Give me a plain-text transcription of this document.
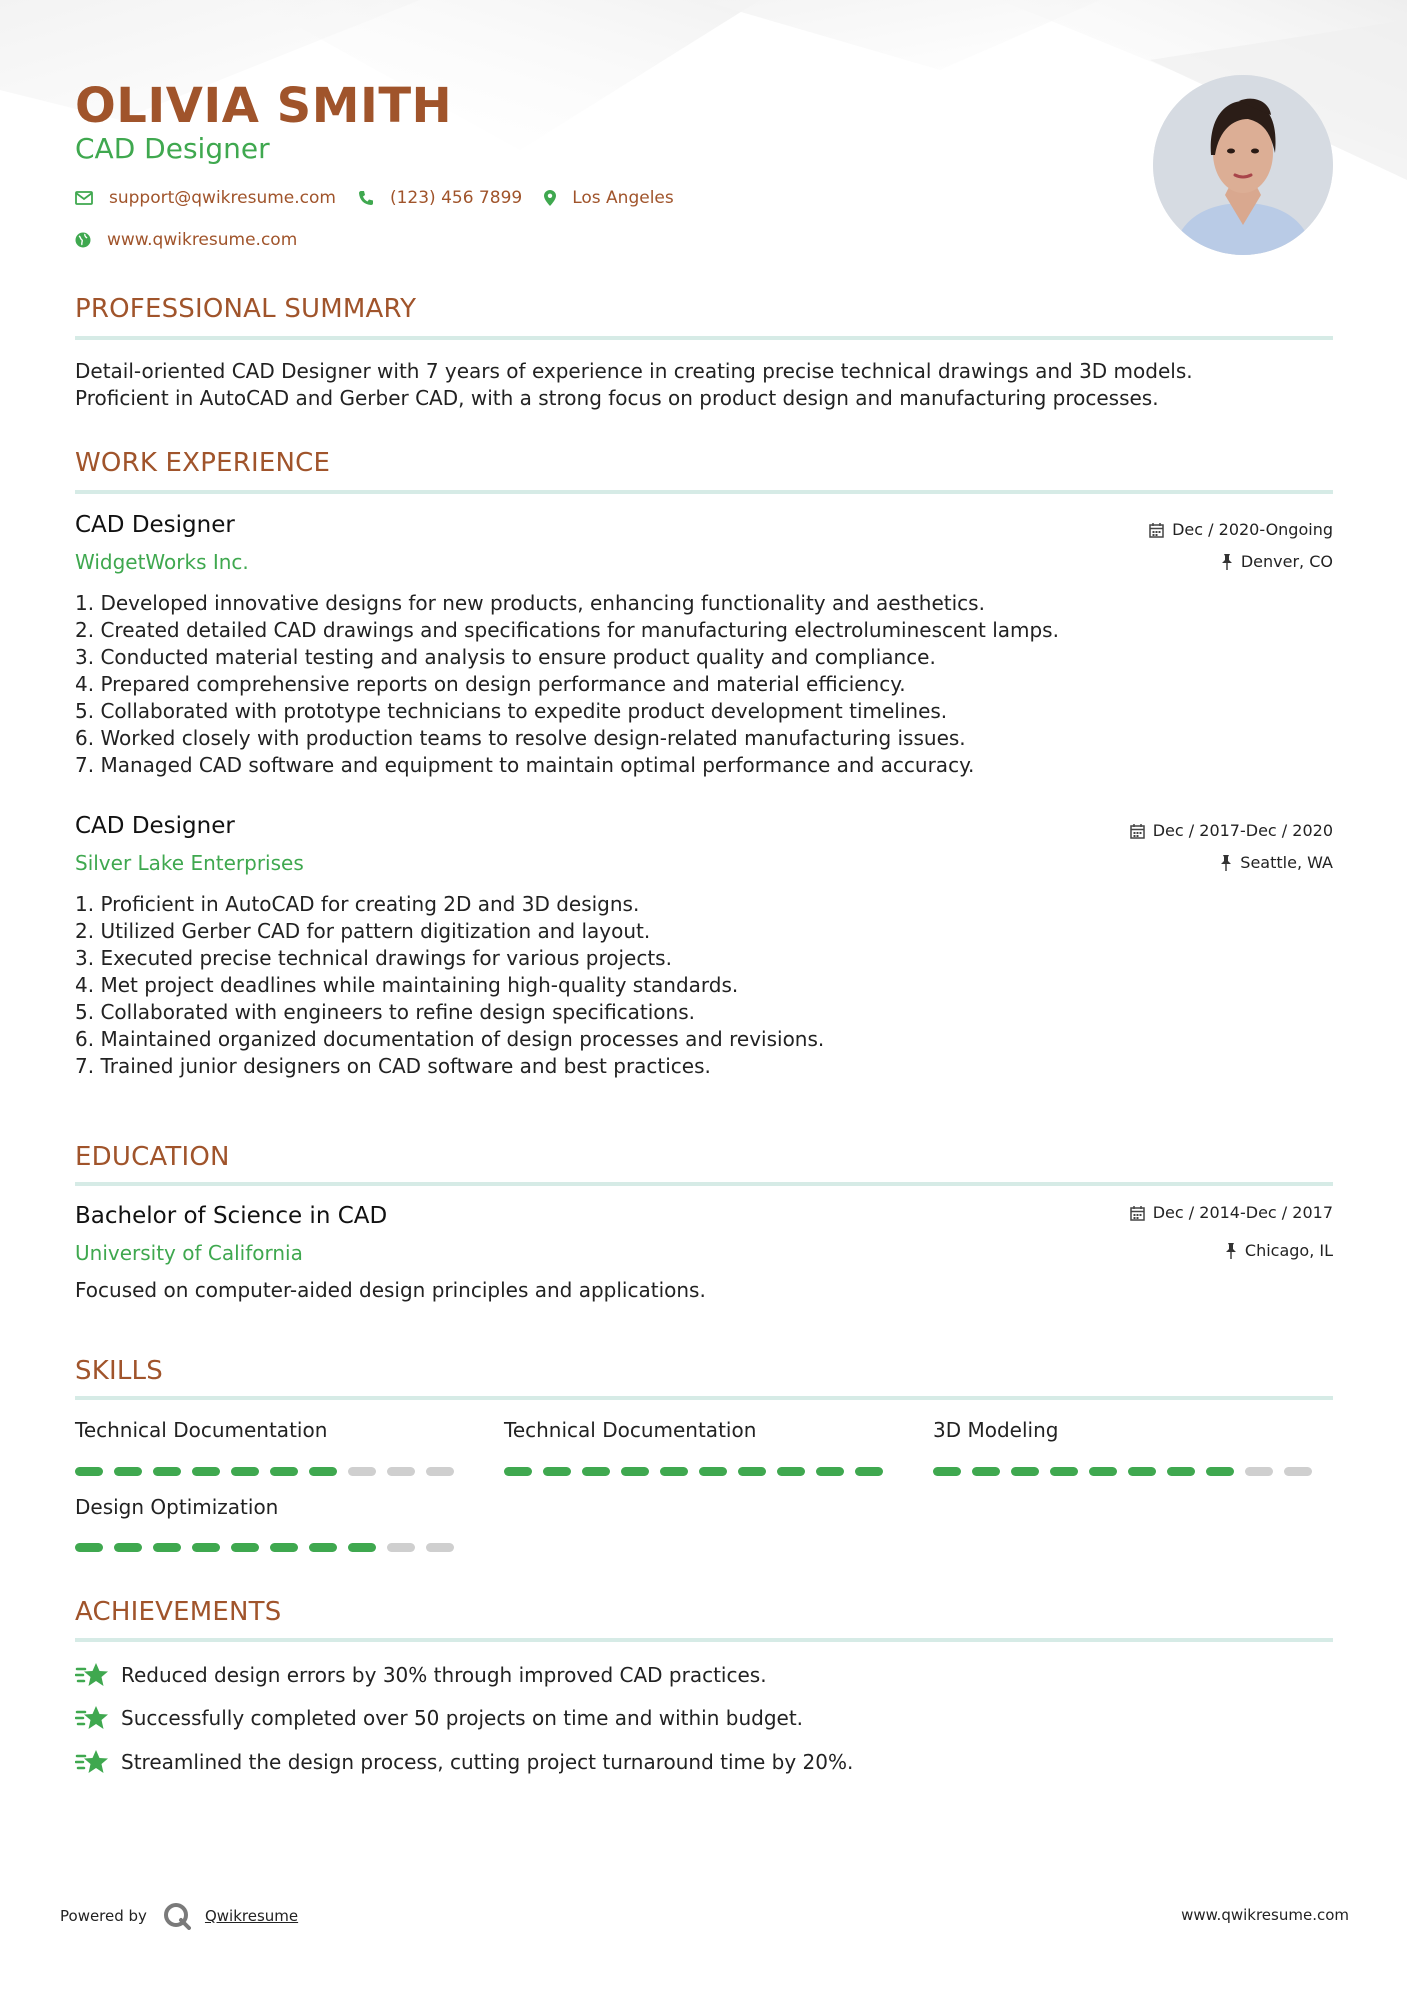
OLIVIA SMITH
CAD Designer
support@qwikresume.com	(123) 456 7899	Los Angeles
www.qwikresume.com
PROFESSIONAL SUMMARY
Detail-oriented CAD Designer with 7 years of experience in creating precise technical drawings and 3D models.
Proficient in AutoCAD and Gerber CAD, with a strong focus on product design and manufacturing processes.
WORK EXPERIENCE
CAD Designer
WidgetWorks Inc.
Dec / 2020-Ongoing
Denver, CO
1. Developed innovative designs for new products, enhancing functionality and aesthetics.
2. Created detailed CAD drawings and specifications for manufacturing electroluminescent lamps.
3. Conducted material testing and analysis to ensure product quality and compliance.
4. Prepared comprehensive reports on design performance and material efficiency.
5. Collaborated with prototype technicians to expedite product development timelines.
6. Worked closely with production teams to resolve design-related manufacturing issues.
7. Managed CAD software and equipment to maintain optimal performance and accuracy.
CAD Designer
Silver Lake Enterprises
Dec / 2017-Dec / 2020
Seattle, WA
1. Proficient in AutoCAD for creating 2D and 3D designs.
2. Utilized Gerber CAD for pattern digitization and layout.
3. Executed precise technical drawings for various projects.
4. Met project deadlines while maintaining high-quality standards.
5. Collaborated with engineers to refine design specifications.
6. Maintained organized documentation of design processes and revisions.
7. Trained junior designers on CAD software and best practices.
EDUCATION
Bachelor of Science in CAD
University of California
Dec / 2014-Dec / 2017
Chicago, IL
Focused on computer-aided design principles and applications.
SKILLS
Technical Documentation	Technical Documentation	3D Modeling
Design Optimization
ACHIEVEMENTS
Reduced design errors by 30% through improved CAD practices.
Successfully completed over 50 projects on time and within budget.
Streamlined the design process, cutting project turnaround time by 20%.
Powered by	Qwikresume	www.qwikresume.com
